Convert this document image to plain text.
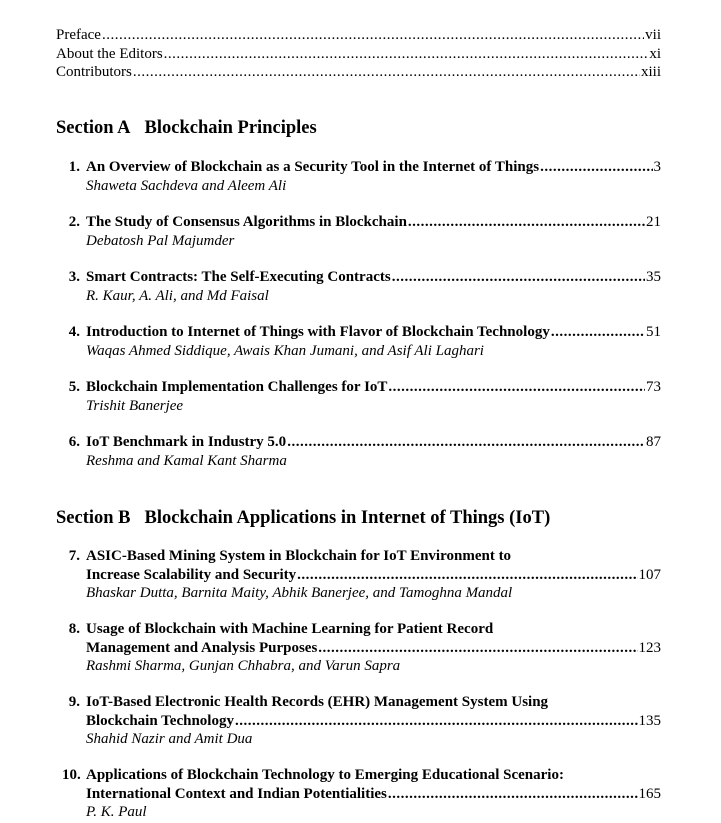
Preface .....	vii
About the Editors .....	xi
Contributors .....	xiii
Section A Blockchain Principles
1. An Overview of Blockchain as a Security Tool in the Internet of Things .....	3
Shaweta Sachdeva and Aleem Ali
2. The Study of Consensus Algorithms in Blockchain .....	21
Debatosh Pal Majumder
3. Smart Contracts: The Self-Executing Contracts .....	35
R. Kaur, A. Ali, and Md Faisal
4. Introduction to Internet of Things with Flavor of Blockchain Technology .....	51
Waqas Ahmed Siddique, Awais Khan Jumani, and Asif Ali Laghari
5. Blockchain Implementation Challenges for IoT .....	73
Trishit Banerjee
6. IoT Benchmark in Industry 5.0 .....	87
Reshma and Kamal Kant Sharma
Section B Blockchain Applications in Internet of Things (IoT)
7. ASIC-Based Mining System in Blockchain for IoT Environment to
Increase Scalability and Security .....	107
Bhaskar Dutta, Barnita Maity, Abhik Banerjee, and Tamoghna Mandal
8. Usage of Blockchain with Machine Learning for Patient Record
Management and Analysis Purposes .....	123
Rashmi Sharma, Gunjan Chhabra, and Varun Sapra
9. IoT-Based Electronic Health Records (EHR) Management System Using
Blockchain Technology .....	135
Shahid Nazir and Amit Dua
10. Applications of Blockchain Technology to Emerging Educational Scenario:
International Context and Indian Potentialities .....	165
P. K. Paul
